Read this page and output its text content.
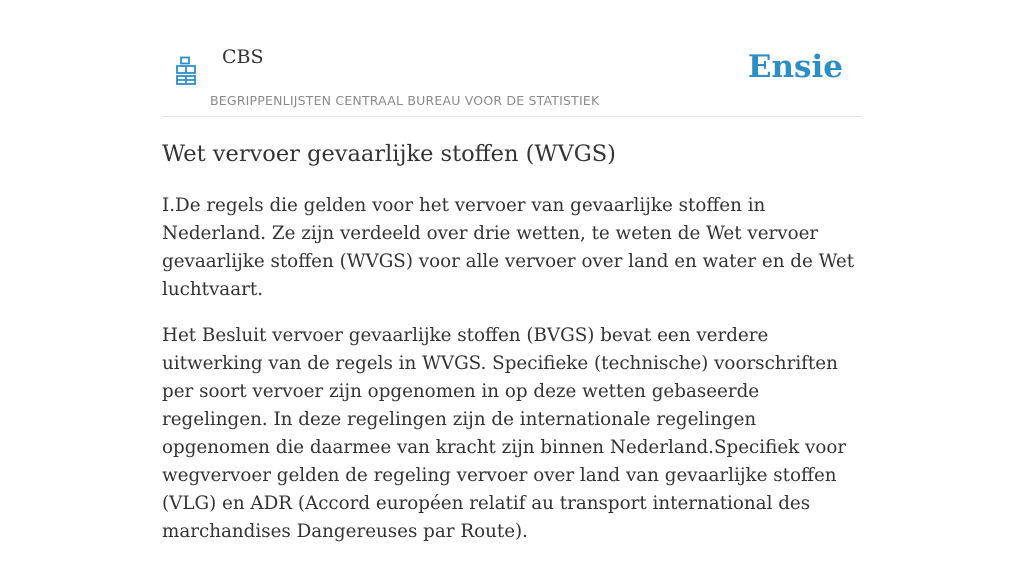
CBS
BEGRIPPENLIJSTEN CENTRAAL BUREAU VOOR DE STATISTIEK
Ensie
Wet vervoer gevaarlijke stoffen (WVGS)

I.De regels die gelden voor het vervoer van gevaarlijke stoffen in Nederland. Ze zijn verdeeld over drie wetten, te weten de Wet vervoer gevaarlijke stoffen (WVGS) voor alle vervoer over land en water en de Wet luchtvaart.

Het Besluit vervoer gevaarlijke stoffen (BVGS) bevat een verdere uitwerking van de regels in WVGS. Specifieke (technische) voorschriften per soort vervoer zijn opgenomen in op deze wetten gebaseerde regelingen. In deze regelingen zijn de internationale regelingen opgenomen die daarmee van kracht zijn binnen Nederland.Specifiek voor wegvervoer gelden de regeling vervoer over land van gevaarlijke stoffen (VLG) en ADR (Accord européen relatif au transport international des marchandises Dangereuses par Route).
